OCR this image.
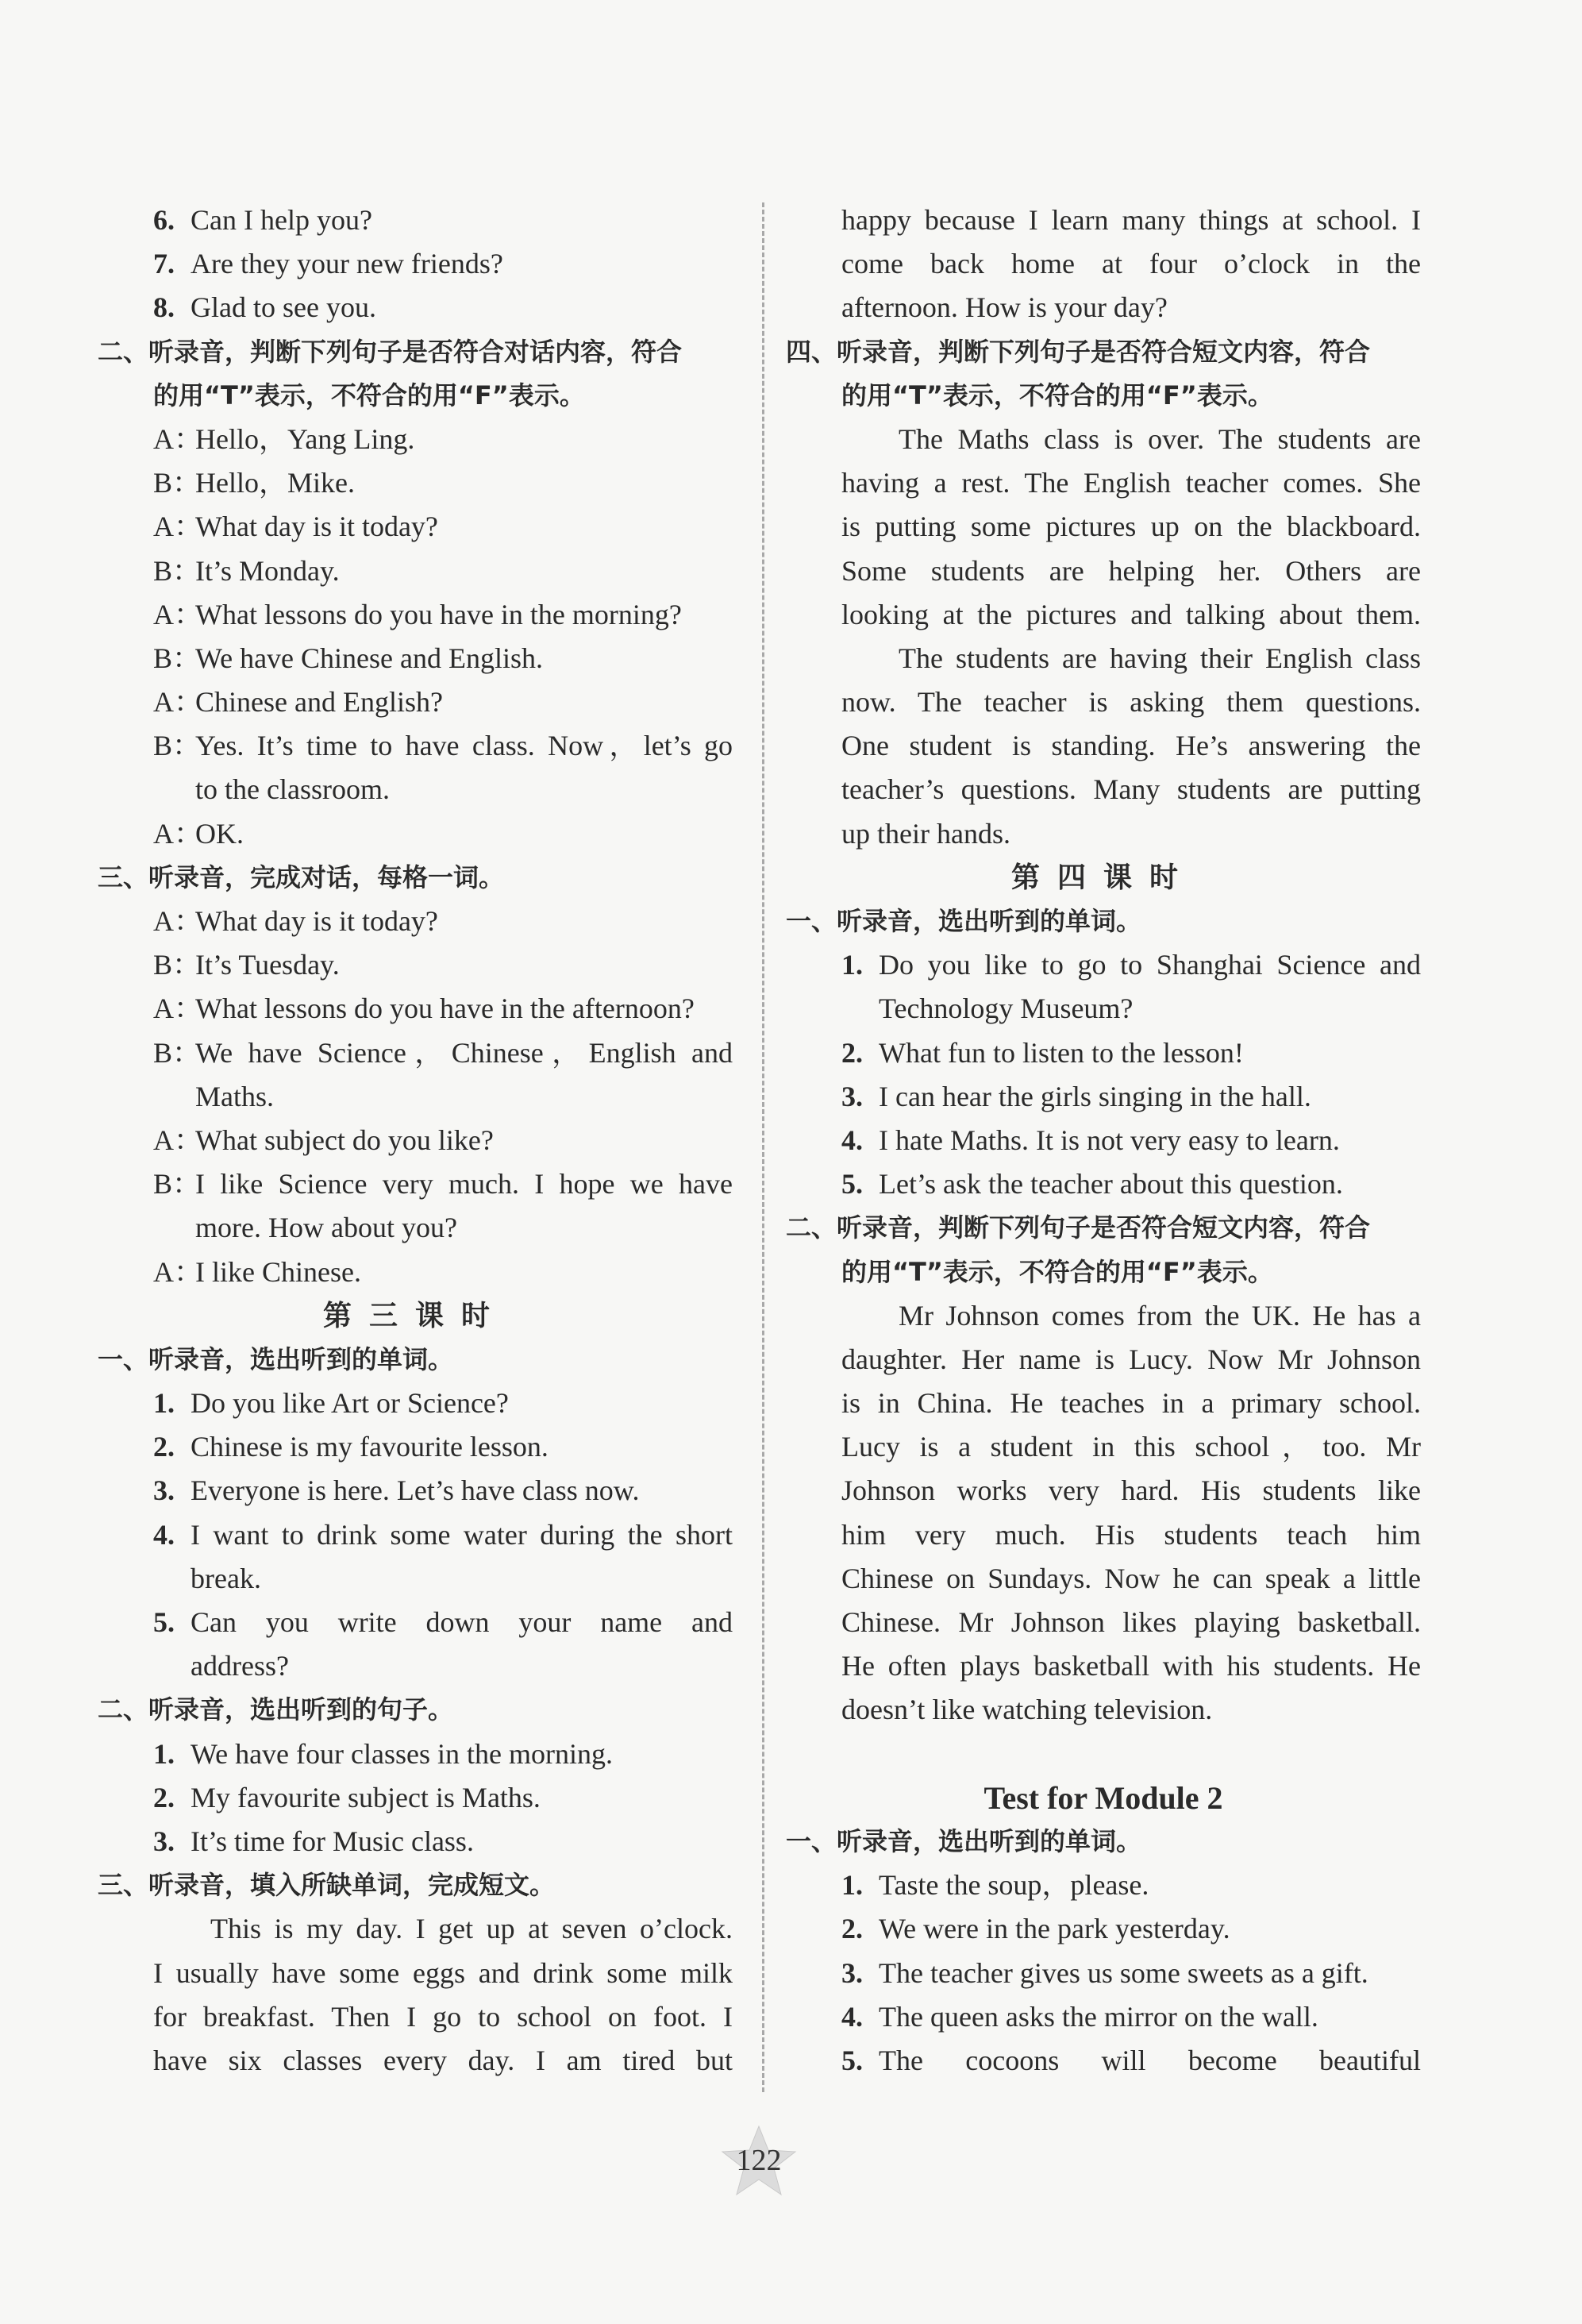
6. Can I help you?
7. Are they your new friends?
8. Glad to see you.
二、听录音，判断下列句子是否符合对话内容，符合
的用“T”表示，不符合的用“F”表示。
A：
Hello，Yang Ling.
B：
Hello，Mike.
A：
What day is it today?
B：
It’s Monday.
A：
What lessons do you have in the morning?
B：
We have Chinese and English.
A：
Chinese and English?
B：
Yes. It’s time to have class. Now，let’s go
to the classroom.
A：
OK.
三、听录音，完成对话，每格一词。
A：
What day is it today?
B：
It’s Tuesday.
A：
What lessons do you have in the afternoon?
B：
We have Science，Chinese，English and
Maths.
A：
What subject do you like?
B：
I like Science very much. I hope we have
more. How about you?
A：
I like Chinese.
第三课时
一、听录音，选出听到的单词。
1. Do you like Art or Science?
2. Chinese is my favourite lesson.
3. Everyone is here. Let’s have class now.
4. I want to drink some water during the short
break.
5. Can you write down your name and
address?
二、听录音，选出听到的句子。
1. We have four classes in the morning.
2. My favourite subject is Maths.
3. It’s time for Music class.
三、听录音，填入所缺单词，完成短文。
This is my day. I get up at seven o’clock.
I usually have some eggs and drink some milk
for breakfast. Then I go to school on foot. I
have six classes every day. I am tired but
happy because I learn many things at school. I
come back home at four o’clock in the
afternoon. How is your day?
四、听录音，判断下列句子是否符合短文内容，符合
的用“T”表示，不符合的用“F”表示。
The Maths class is over. The students are
having a rest. The English teacher comes. She
is putting some pictures up on the blackboard.
Some students are helping her. Others are
looking at the pictures and talking about them.
The students are having their English class
now. The teacher is asking them questions.
One student is standing. He’s answering the
teacher’s questions. Many students are putting
up their hands.
第四课时
一、听录音，选出听到的单词。
1. Do you like to go to Shanghai Science and
Technology Museum?
2. What fun to listen to the lesson!
3. I can hear the girls singing in the hall.
4. I hate Maths. It is not very easy to learn.
5. Let’s ask the teacher about this question.
二、听录音，判断下列句子是否符合短文内容，符合
的用“T”表示，不符合的用“F”表示。
Mr Johnson comes from the UK. He has a
daughter. Her name is Lucy. Now Mr Johnson
is in China. He teaches in a primary school.
Lucy is a student in this school，too. Mr
Johnson works very hard. His students like
him very much. His students teach him
Chinese on Sundays. Now he can speak a little
Chinese. Mr Johnson likes playing basketball.
He often plays basketball with his students. He
doesn’t like watching television.
Test for Module 2
一、听录音，选出听到的单词。
1. Taste the soup，please.
2. We were in the park yesterday.
3. The teacher gives us some sweets as a gift.
4. The queen asks the mirror on the wall.
5. The cocoons will become beautiful
122
